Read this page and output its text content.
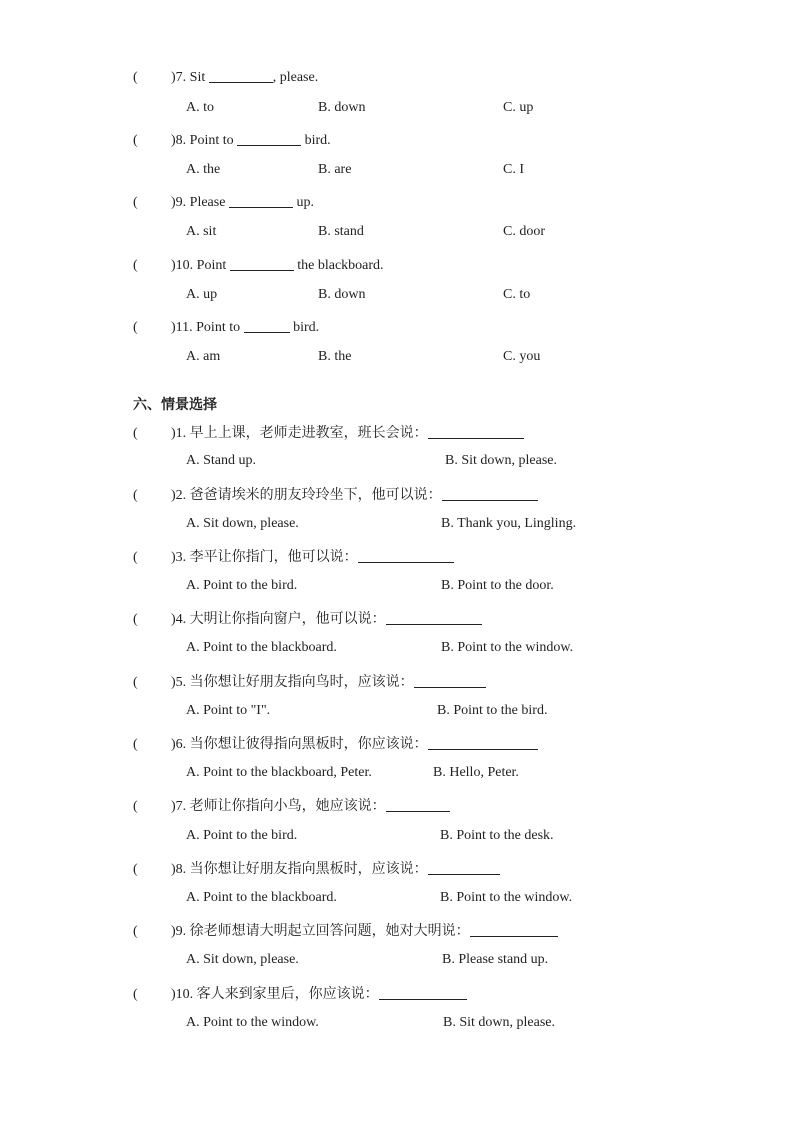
( )7. Sit	, please.
A. to	B. down	C. up
( )8. Point to	bird.
A. the	B. are	C. I
( )9. Please	up.
A. sit	B. stand	C. door
( )10. Point	the blackboard.
A. up	B. down	C. to
( )11. Point to	bird.
A. am	B. the	C. you
六、情景选择
( )1. 早上上课，老师走进教室，班长会说：
A. Stand up.	B. Sit down, please.
( )2. 爸爸请埃米的朋友玲玲坐下，他可以说：
A. Sit down, please.	B. Thank you, Lingling.
( )3. 李平让你指门，他可以说：
A. Point to the bird.	B. Point to the door.
( )4. 大明让你指向窗户，他可以说：
A. Point to the blackboard.	B. Point to the window.
( )5. 当你想让好朋友指向鸟时，应该说：
A. Point to "I".	B. Point to the bird.
( )6. 当你想让彼得指向黑板时，你应该说：
A. Point to the blackboard, Peter.	B. Hello, Peter.
( )7. 老师让你指向小鸟，她应该说：
A. Point to the bird.	B. Point to the desk.
( )8. 当你想让好朋友指向黑板时，应该说：
A. Point to the blackboard.	B. Point to the window.
( )9. 徐老师想请大明起立回答问题，她对大明说：
A. Sit down, please.	B. Please stand up.
( )10. 客人来到家里后，你应该说：
A. Point to the window.	B. Sit down, please.
